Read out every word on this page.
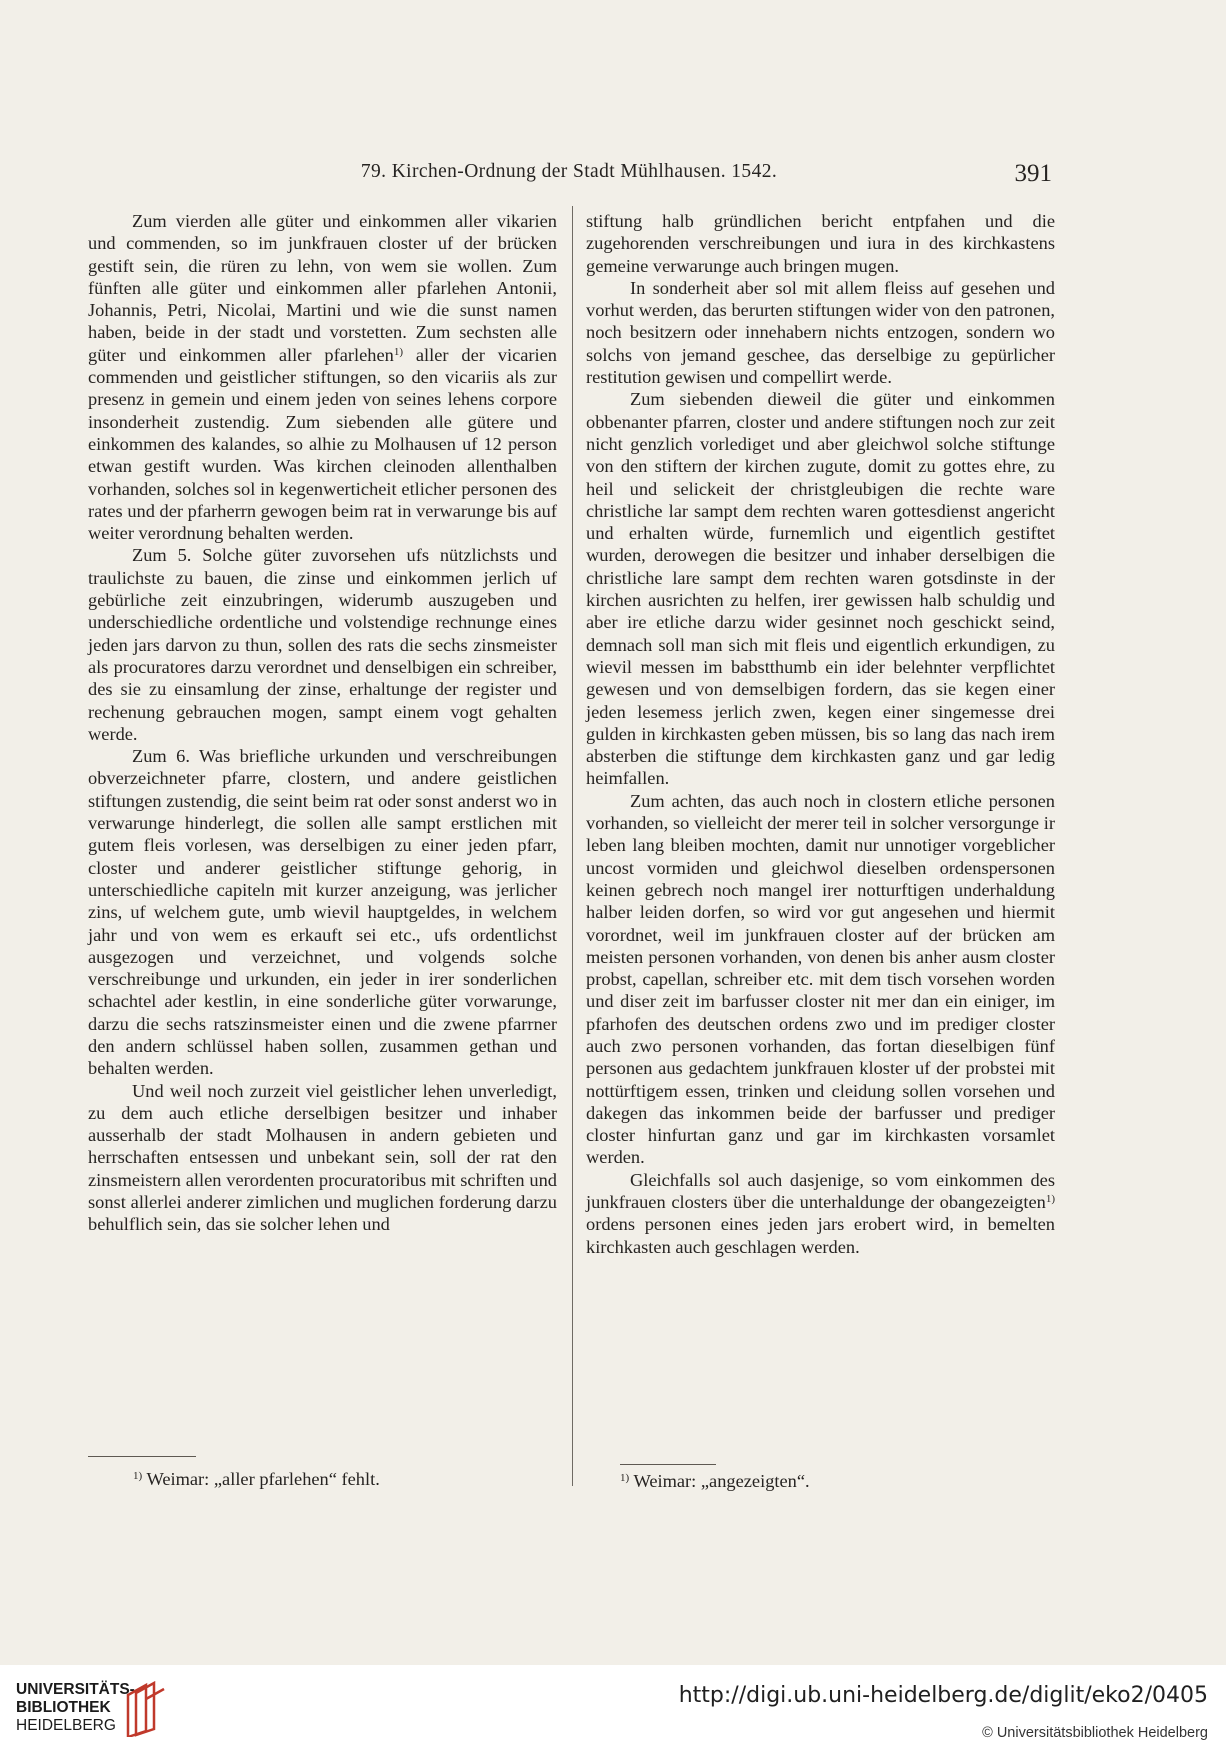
79. Kirchen-Ordnung der Stadt Mühlhausen. 1542.	391

Zum vierden alle güter und einkommen aller vikarien und commenden, so im junkfrauen closter uf der brücken gestift sein, die rüren zu lehn, von wem sie wollen. Zum fünften alle güter und einkommen aller pfarlehen Antonii, Johannis, Petri, Nicolai, Martini und wie die sunst namen haben, beide in der stadt und vorstetten. Zum sechsten alle güter und einkommen aller pfarlehen$^{1)}$ aller der vicarien commenden und geistlicher stiftungen, so den vicariis als zur presenz in gemein und einem jeden von seines lehens corpore insonderheit zustendig. Zum siebenden alle gütere und einkommen des kalandes, so alhie zu Molhausen uf 12 person etwan gestift wurden. Was kirchen cleinoden allenthalben vorhanden, solches sol in kegenwerticheit etlicher personen des rates und der pfarherrn gewogen beim rat in verwarunge bis auf weiter verordnung behalten werden.

Zum 5. Solche güter zuvorsehen ufs nützlichsts und traulichste zu bauen, die zinse und einkommen jerlich uf gebürliche zeit einzubringen, widerumb auszugeben und underschiedliche ordentliche und volstendige rechnunge eines jeden jars darvon zu thun, sollen des rats die sechs zinsmeister als procuratores darzu verordnet und denselbigen ein schreiber, des sie zu einsamlung der zinse, erhaltunge der register und rechenung gebrauchen mogen, sampt einem vogt gehalten werde.

Zum 6. Was briefliche urkunden und verschreibungen obverzeichneter pfarre, clostern, und andere geistlichen stiftungen zustendig, die seint beim rat oder sonst anderst wo in verwarunge hinderlegt, die sollen alle sampt erstlichen mit gutem fleis vorlesen, was derselbigen zu einer jeden pfarr, closter und anderer geistlicher stiftunge gehorig, in unterschiedliche capiteln mit kurzer anzeigung, was jerlicher zins, uf welchem gute, umb wievil hauptgeldes, in welchem jahr und von wem es erkauft sei etc., ufs ordentlichst ausgezogen und verzeichnet, und volgends solche verschreibunge und urkunden, ein jeder in irer sonderlichen schachtel ader kestlin, in eine sonderliche güter vorwarunge, darzu die sechs ratszinsmeister einen und die zwene pfarrner den andern schlüssel haben sollen, zusammen gethan und behalten werden.

Und weil noch zurzeit viel geistlicher lehen unverledigt, zu dem auch etliche derselbigen besitzer und inhaber ausserhalb der stadt Molhausen in andern gebieten und herrschaften entsessen und unbekant sein, soll der rat den zinsmeistern allen verordenten procuratoribus mit schriften und sonst allerlei anderer zimlichen und muglichen forderung darzu behulflich sein, das sie solcher lehen und

stiftung halb gründlichen bericht entpfahen und die zugehorenden verschreibungen und iura in des kirchkastens gemeine verwarunge auch bringen mugen.

In sonderheit aber sol mit allem fleiss auf gesehen und vorhut werden, das berurten stiftungen wider von den patronen, noch besitzern oder innehabern nichts entzogen, sondern wo solchs von jemand geschee, das derselbige zu gepürlicher restitution gewisen und compellirt werde.

Zum siebenden dieweil die güter und einkommen obbenanter pfarren, closter und andere stiftungen noch zur zeit nicht genzlich vorlediget und aber gleichwol solche stiftunge von den stiftern der kirchen zugute, domit zu gottes ehre, zu heil und selickeit der christgleubigen die rechte ware christliche lar sampt dem rechten waren gottesdienst angericht und erhalten würde, furnemlich und eigentlich gestiftet wurden, derowegen die besitzer und inhaber derselbigen die christliche lare sampt dem rechten waren gotsdinste in der kirchen ausrichten zu helfen, irer gewissen halb schuldig und aber ire etliche darzu wider gesinnet noch geschickt seind, demnach soll man sich mit fleis und eigentlich erkundigen, zu wievil messen im babstthumb ein ider belehnter verpflichtet gewesen und von demselbigen fordern, das sie kegen einer jeden lesemess jerlich zwen, kegen einer singemesse drei gulden in kirchkasten geben müssen, bis so lang das nach irem absterben die stiftunge dem kirchkasten ganz und gar ledig heimfallen.

Zum achten, das auch noch in clostern etliche personen vorhanden, so vielleicht der merer teil in solcher versorgunge ir leben lang bleiben mochten, damit nur unnotiger vorgeblicher uncost vormiden und gleichwol dieselben ordenspersonen keinen gebrech noch mangel irer notturftigen underhaldung halber leiden dorfen, so wird vor gut angesehen und hiermit vorordnet, weil im junkfrauen closter auf der brücken am meisten personen vorhanden, von denen bis anher ausm closter probst, capellan, schreiber etc. mit dem tisch vorsehen worden und diser zeit im barfusser closter nit mer dan ein einiger, im pfarhofen des deutschen ordens zwo und im prediger closter auch zwo personen vorhanden, das fortan dieselbigen fünf personen aus gedachtem junkfrauen kloster uf der probstei mit nottürftigem essen, trinken und cleidung sollen vorsehen und dakegen das inkommen beide der barfusser und prediger closter hinfurtan ganz und gar im kirchkasten vorsamlet werden.

Gleichfalls sol auch dasjenige, so vom einkommen des junkfrauen closters über die unterhaldunge der obangezeigten$^{1)}$ ordens personen eines jeden jars erobert wird, in bemelten kirchkasten auch geschlagen werden.

$^{1)}$ Weimar: „aller pfarlehen“ fehlt.	$^{1)}$ Weimar: „angezeigten“.
UNIVERSITÄTS-
BIBLIOTHEK
HEIDELBERG
http://digi.ub.uni-heidelberg.de/diglit/eko2/0405
© Universitätsbibliothek Heidelberg
